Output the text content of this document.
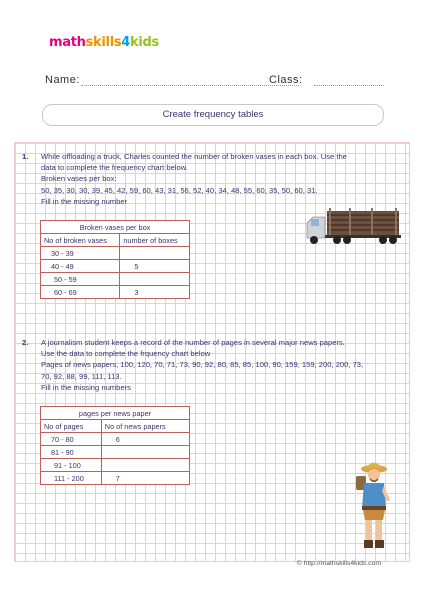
mathskills4kids
Name:	Class:
Create frequency tables
1. While offloading a truck, Charles counted the number of broken vases in each box. Use the
data to complete the frequency chart below.
Broken vases per box:
50, 35, 30, 30, 39, 45, 42, 59, 60, 43, 31, 56, 52, 40, 34, 48, 55, 60, 35, 50, 60, 31.
Fill in the missing number
Broken vases per box	
No of broken vases	number of boxes
30 - 39	
40 - 49	5
50 - 59	
60 - 69	3
2. A journalism student keeps a record of the number of pages in several major news papers.
Use the data to complete the frquency chart below
Pages of news papers, 100, 120, 70, 71, 73, 90, 92, 80, 85, 85, 100, 90, 159, 159, 200, 200, 73,
70, 92, 88, 99, 111, 113.
Fill in the missing numbers
pages per news paper	
No of pages	No of news papers
70 - 80	6
81 - 90	
91 - 100	
111 - 200	7
© http://mathskills4kids.com
